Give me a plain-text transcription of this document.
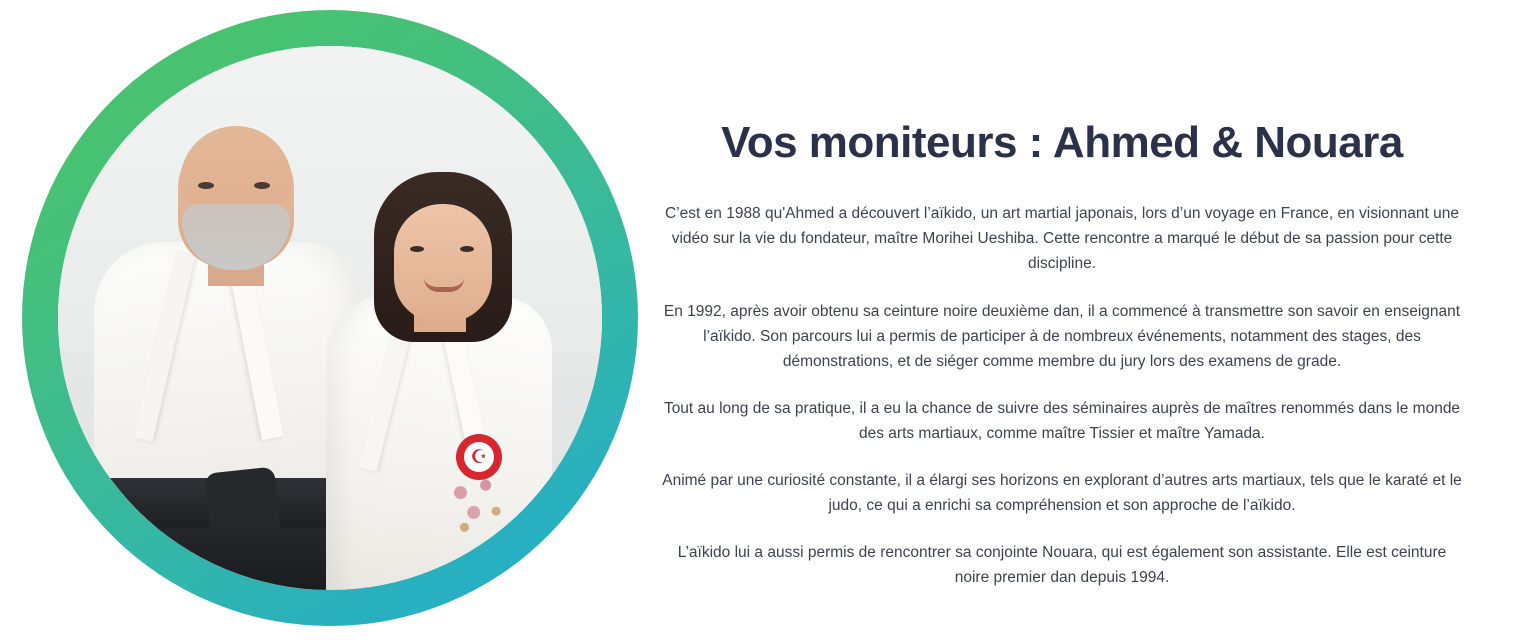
☪
Vos moniteurs : Ahmed & Nouara

C’est en 1988 qu'Ahmed a découvert l’aïkido, un art martial japonais, lors d’un voyage en France, en visionnant une vidéo sur la vie du fondateur, maître Morihei Ueshiba. Cette rencontre a marqué le début de sa passion pour cette discipline.

En 1992, après avoir obtenu sa ceinture noire deuxième dan, il a commencé à transmettre son savoir en enseignant l’aïkido. Son parcours lui a permis de participer à de nombreux événements, notamment des stages, des démonstrations, et de siéger comme membre du jury lors des examens de grade.

Tout au long de sa pratique, il a eu la chance de suivre des séminaires auprès de maîtres renommés dans le monde des arts martiaux, comme maître Tissier et maître Yamada.

Animé par une curiosité constante, il a élargi ses horizons en explorant d’autres arts martiaux, tels que le karaté et le judo, ce qui a enrichi sa compréhension et son approche de l’aïkido.

L’aïkido lui a aussi permis de rencontrer sa conjointe Nouara, qui est également son assistante. Elle est ceinture noire premier dan depuis 1994.
